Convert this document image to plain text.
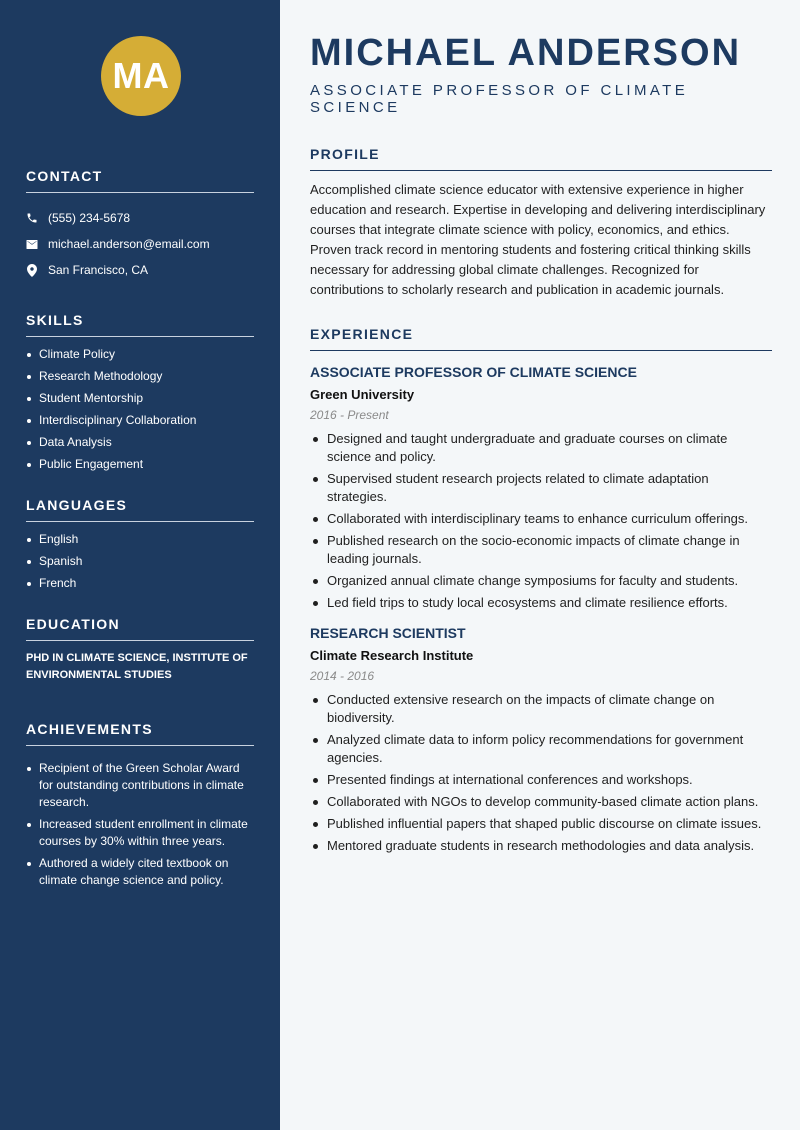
MA
CONTACT
(555) 234-5678
michael.anderson@email.com
San Francisco, CA
SKILLS
Climate Policy
Research Methodology
Student Mentorship
Interdisciplinary Collaboration
Data Analysis
Public Engagement
LANGUAGES
English
Spanish
French
EDUCATION
PHD IN CLIMATE SCIENCE, INSTITUTE OF ENVIRONMENTAL STUDIES
ACHIEVEMENTS
Recipient of the Green Scholar Award for outstanding contributions in climate research.
Increased student enrollment in climate courses by 30% within three years.
Authored a widely cited textbook on climate change science and policy.
MICHAEL ANDERSON
ASSOCIATE PROFESSOR OF CLIMATE SCIENCE
PROFILE
Accomplished climate science educator with extensive experience in higher education and research. Expertise in developing and delivering interdisciplinary courses that integrate climate science with policy, economics, and ethics. Proven track record in mentoring students and fostering critical thinking skills necessary for addressing global climate challenges. Recognized for contributions to scholarly research and publication in academic journals.
EXPERIENCE
ASSOCIATE PROFESSOR OF CLIMATE SCIENCE
Green University
2016 - Present
Designed and taught undergraduate and graduate courses on climate science and policy.
Supervised student research projects related to climate adaptation strategies.
Collaborated with interdisciplinary teams to enhance curriculum offerings.
Published research on the socio-economic impacts of climate change in leading journals.
Organized annual climate change symposiums for faculty and students.
Led field trips to study local ecosystems and climate resilience efforts.
RESEARCH SCIENTIST
Climate Research Institute
2014 - 2016
Conducted extensive research on the impacts of climate change on biodiversity.
Analyzed climate data to inform policy recommendations for government agencies.
Presented findings at international conferences and workshops.
Collaborated with NGOs to develop community-based climate action plans.
Published influential papers that shaped public discourse on climate issues.
Mentored graduate students in research methodologies and data analysis.
